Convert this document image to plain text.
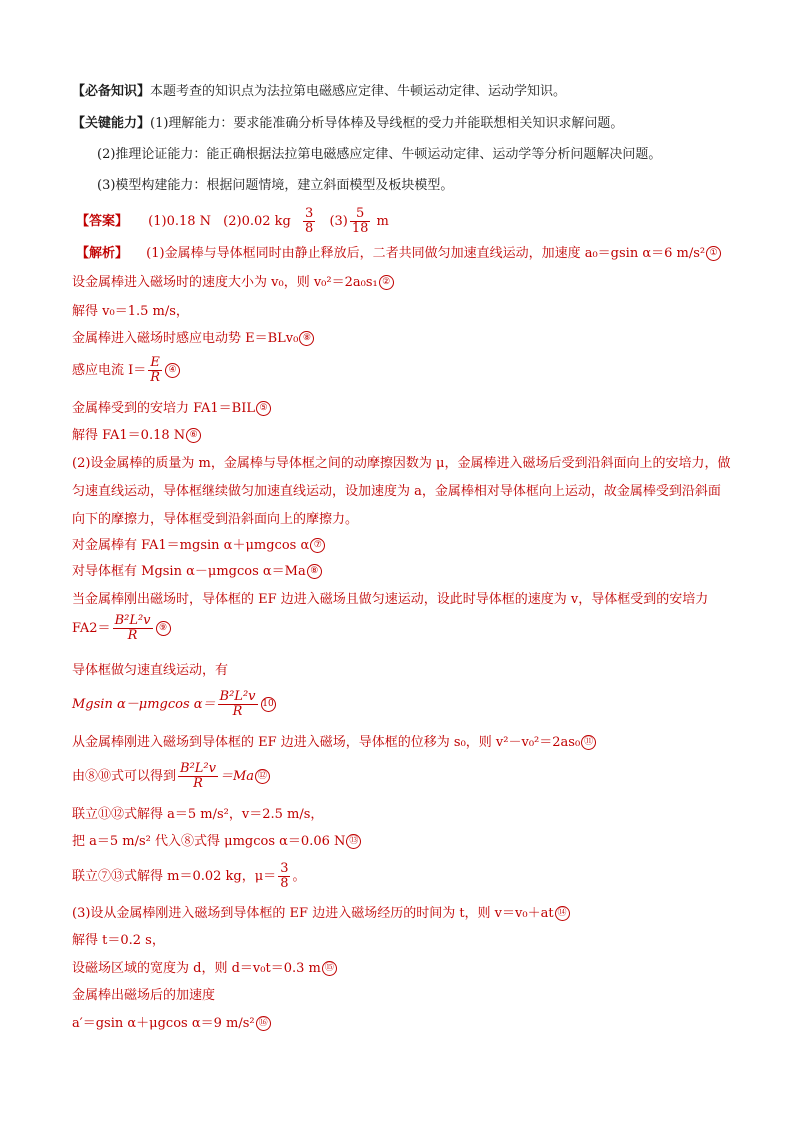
【必备知识】本题考查的知识点为法拉第电磁感应定律、牛顿运动定律、运动学知识。
【关键能力】(1)理解能力：要求能准确分析导体棒及导线框的受力并能联想相关知识求解问题。
(2)推理论证能力：能正确根据法拉第电磁感应定律、牛顿运动定律、运动学等分析问题解决问题。
(3)模型构建能力：根据问题情境，建立斜面模型及板块模型。
【答案】 (1)0.18 N (2)0.02 kg $\frac{3}{8} (3) \frac{5}{18}$ m
【解析】 (1)金属棒与导体框同时由静止释放后，二者共同做匀加速直线运动，加速度 a₀＝gsin α＝6 m/s² ①
设金属棒进入磁场时的速度大小为 v₀，则 v₀²＝2a₀s₁ ②
解得 v₀＝1.5 m/s，
金属棒进入磁场时感应电动势 E＝BLv₀ ⑧
感应电流 $I= \frac{E}{R}$ ④
金属棒受到的安培力 FA1＝BIL ⑤
解得 FA1＝0.18 N ⑥
(2)设金属棒的质量为 m，金属棒与导体框之间的动摩擦因数为 μ，金属棒进入磁场后受到沿斜面向上的安培力，做匀速直线运动，导体框继续做匀加速直线运动，设加速度为 a，金属棒相对导体框向上运动，故金属棒受到沿斜面向下的摩擦力，导体框受到沿斜面向上的摩擦力。
对金属棒有 FA1＝mgsin α＋μmgcos α ⑦
对导体框有 Mgsin α－μmgcos α＝Ma ⑧
当金属棒刚出磁场时，导体框的 EF 边进入磁场且做匀速运动，设此时导体框的速度为 v，导体框受到的安培力 $FA2= \frac{\text{B²L²v}}{R}$ ⑨
导体框做匀速直线运动，有
Mgsin α－μmgcos $\alpha= \frac{\text{B²L²v}}{R} 10$
从金属棒刚进入磁场到导体框的 EF 边进入磁场，导体框的位移为 s₀，则 v²－v₀²＝2as₀ ⑪
由⑧⑩式可以得到 $\frac{\text{B²L²v}}{R} =Ma$ ⑫
联立⑪⑫式解得 a＝5 m/s²，v＝2.5 m/s，
把 a＝5 m/s² 代入⑧式得 μmgcos α＝0.06 N ⑬
联立⑦⑬式解得 m＝0.02 kg，$\mu= \frac{3}{8}$ 。
(3)设从金属棒刚进入磁场到导体框的 EF 边进入磁场经历的时间为 t，则 v＝v₀＋at ⑭
解得 t＝0.2 s，
设磁场区域的宽度为 d，则 d＝v₀t＝0.3 m ⑮
金属棒出磁场后的加速度
a′＝gsin α＋μgcos α＝9 m/s² ⑯
